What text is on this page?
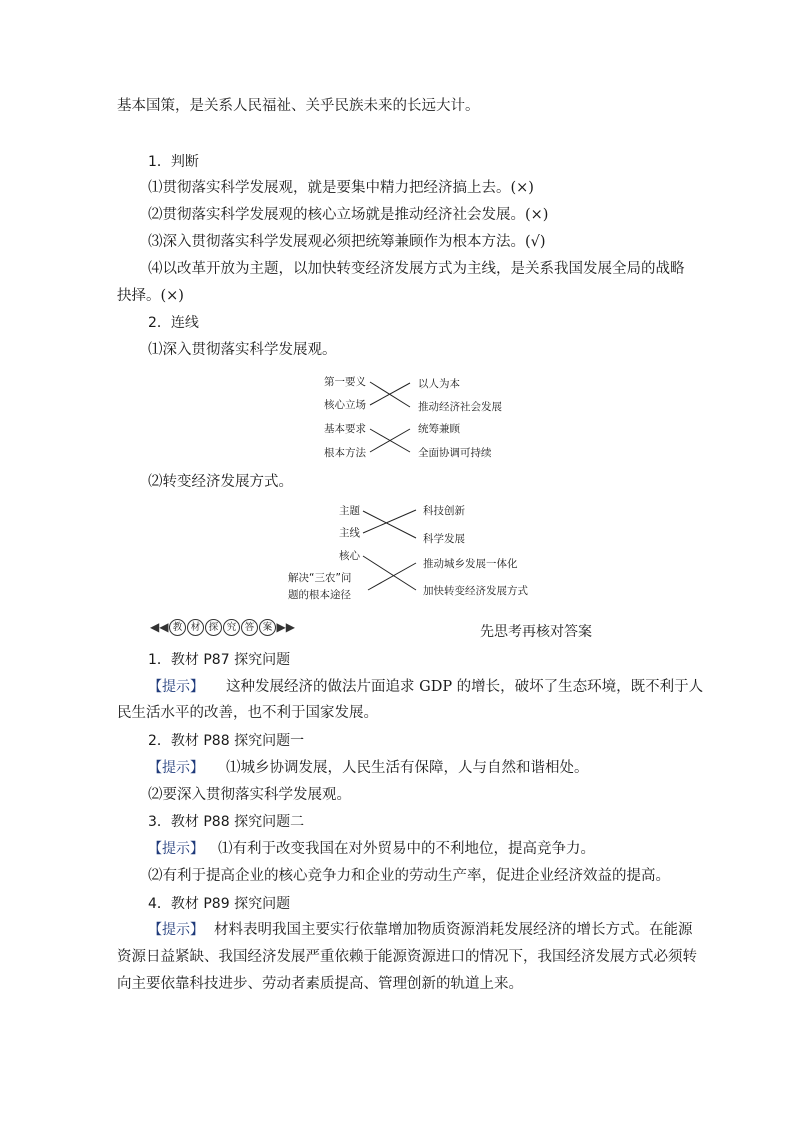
基本国策，是关系人民福祉、关乎民族未来的长远大计。
1．判断
⑴贯彻落实科学发展观，就是要集中精力把经济搞上去。(×)
⑵贯彻落实科学发展观的核心立场就是推动经济社会发展。(×)
⑶深入贯彻落实科学发展观必须把统筹兼顾作为根本方法。(√)
⑷以改革开放为主题，以加快转变经济发展方式为主线，是关系我国发展全局的战略
抉择。(×)
2．连线
⑴深入贯彻落实科学发展观。
第一要义
核心立场
基本要求
根本方法
以人为本
推动经济社会发展
统筹兼顾
全面协调可持续
⑵转变经济发展方式。
主题
主线
核心
解决“三农”问
题的根本途径
科技创新
科学发展
推动城乡发展一体化
加快转变经济发展方式
◀◀ 教 材 探 究 答 案 ▶▶	先思考再核对答案
1．教材 P87 探究问题
【提示】 这种发展经济的做法片面追求 GDP 的增长，破坏了生态环境，既不利于人
民生活水平的改善，也不利于国家发展。
2．教材 P88 探究问题一
【提示】 ⑴城乡协调发展，人民生活有保障，人与自然和谐相处。
⑵要深入贯彻落实科学发展观。
3．教材 P88 探究问题二
【提示】 ⑴有利于改变我国在对外贸易中的不利地位，提高竞争力。
⑵有利于提高企业的核心竞争力和企业的劳动生产率，促进企业经济效益的提高。
4．教材 P89 探究问题
【提示】 材料表明我国主要实行依靠增加物质资源消耗发展经济的增长方式。在能源
资源日益紧缺、我国经济发展严重依赖于能源资源进口的情况下，我国经济发展方式必须转
向主要依靠科技进步、劳动者素质提高、管理创新的轨道上来。
